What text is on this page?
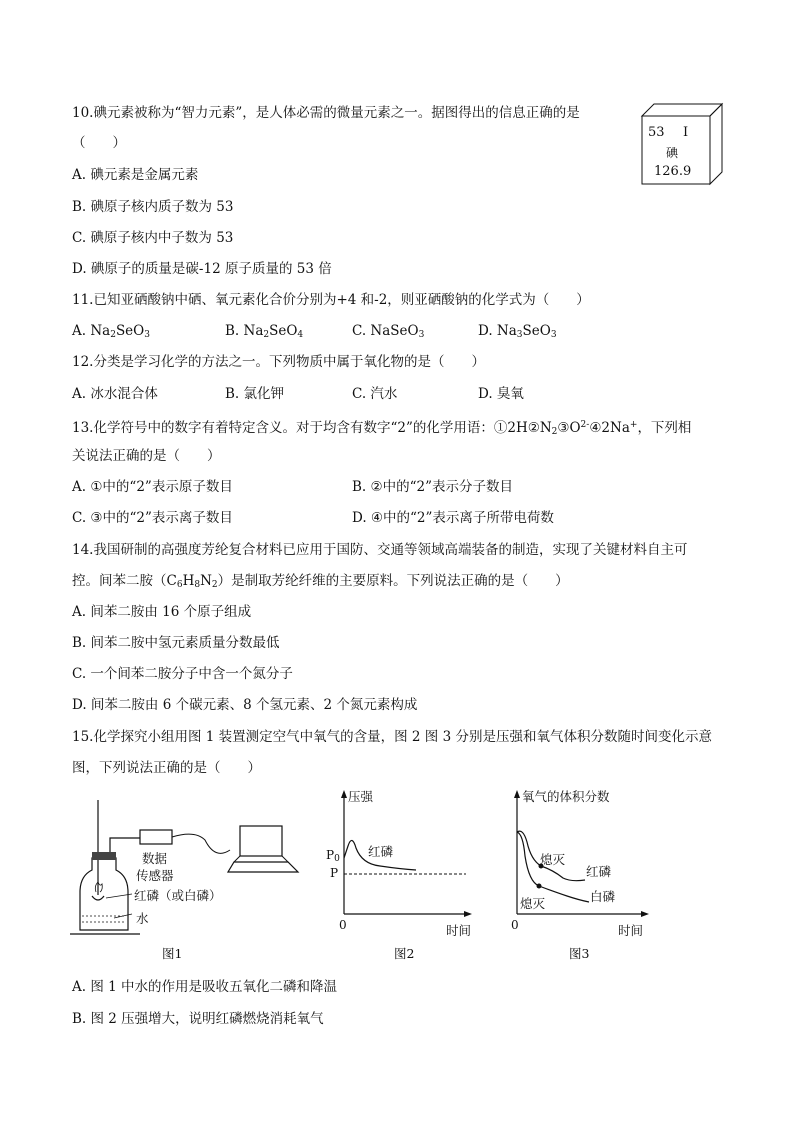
10.碘元素被称为“智力元素”，是人体必需的微量元素之一。据图得出的信息正确的是
（　　）
A. 碘元素是金属元素
B. 碘原子核内质子数为 53
C. 碘原子核内中子数为 53
D. 碘原子的质量是碳-12 原子质量的 53 倍
53 I
碘
126.9
11.已知亚硒酸钠中硒、氧元素化合价分别为+4 和-2，则亚硒酸钠的化学式为（　　）
A. $Na_2SeO_3$	B. $Na_2SeO_4$	C. NaSeO$_3$	D. $Na_3SeO_3$
12.分类是学习化学的方法之一。下列物质中属于氧化物的是（　　）
A. 冰水混合体	B. 氯化钾	C. 汽水	D. 臭氧
13.化学符号中的数字有着特定含义。对于均含有数字“2”的化学用语：$①2H②N_2③O^{2-}④2Na^+$，下列相
关说法正确的是（　　）
A. ①中的“2”表示原子数目	B. ②中的“2”表示分子数目
C. ③中的“2”表示离子数目	D. ④中的“2”表示离子所带电荷数
14.我国研制的高强度芳纶复合材料已应用于国防、交通等领域高端装备的制造，实现了关键材料自主可
控。间苯二胺$(C_6H_8N_2)$是制取芳纶纤维的主要原料。下列说法正确的是（　　）
A. 间苯二胺由 16 个原子组成
B. 间苯二胺中氢元素质量分数最低
C. 一个间苯二胺分子中含一个氮分子
D. 间苯二胺由 6 个碳元素、8 个氢元素、2 个氮元素构成
15.化学探究小组用图 1 装置测定空气中氧气的含量，图 2 图 3 分别是压强和氧气体积分数随时间变化示意
图，下列说法正确的是（　　）
数据
传感器
红磷（或白磷）
水
图1
压强
$P_0$
P
红磷
0	时间
图2
氧气的体积分数
熄灭
红磷
熄灭	白磷
0	时间
图3
A. 图 1 中水的作用是吸收五氧化二磷和降温
B. 图 2 压强增大，说明红磷燃烧消耗氧气
